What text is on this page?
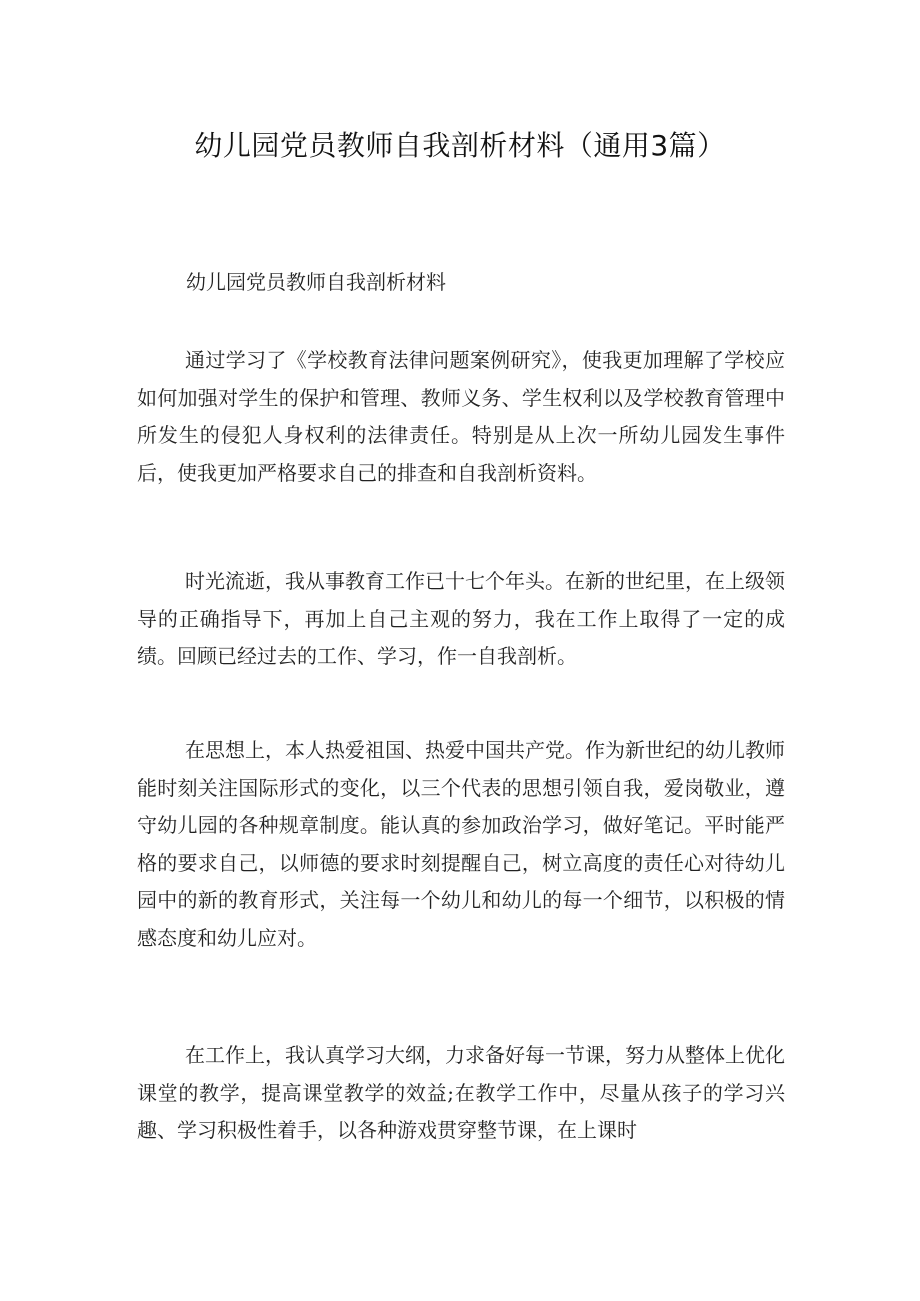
幼儿园党员教师自我剖析材料（通用3篇）
幼儿园党员教师自我剖析材料

通过学习了《学校教育法律问题案例研究》，使我更加理解了学校应如何加强对学生的保护和管理、教师义务、学生权利以及学校教育管理中所发生的侵犯人身权利的法律责任。特别是从上次一所幼儿园发生事件后，使我更加严格要求自己的排查和自我剖析资料。

时光流逝，我从事教育工作已十七个年头。在新的世纪里，在上级领导的正确指导下，再加上自己主观的努力，我在工作上取得了一定的成绩。回顾已经过去的工作、学习，作一自我剖析。

在思想上，本人热爱祖国、热爱中国共产党。作为新世纪的幼儿教师能时刻关注国际形式的变化，以三个代表的思想引领自我，爱岗敬业，遵守幼儿园的各种规章制度。能认真的参加政治学习，做好笔记。平时能严格的要求自己，以师德的要求时刻提醒自己，树立高度的责任心对待幼儿园中的新的教育形式，关注每一个幼儿和幼儿的每一个细节，以积极的情感态度和幼儿应对。

在工作上，我认真学习大纲，力求备好每一节课，努力从整体上优化课堂的教学，提高课堂教学的效益;在教学工作中，尽量从孩子的学习兴趣、学习积极性着手，以各种游戏贯穿整节课，在上课时
